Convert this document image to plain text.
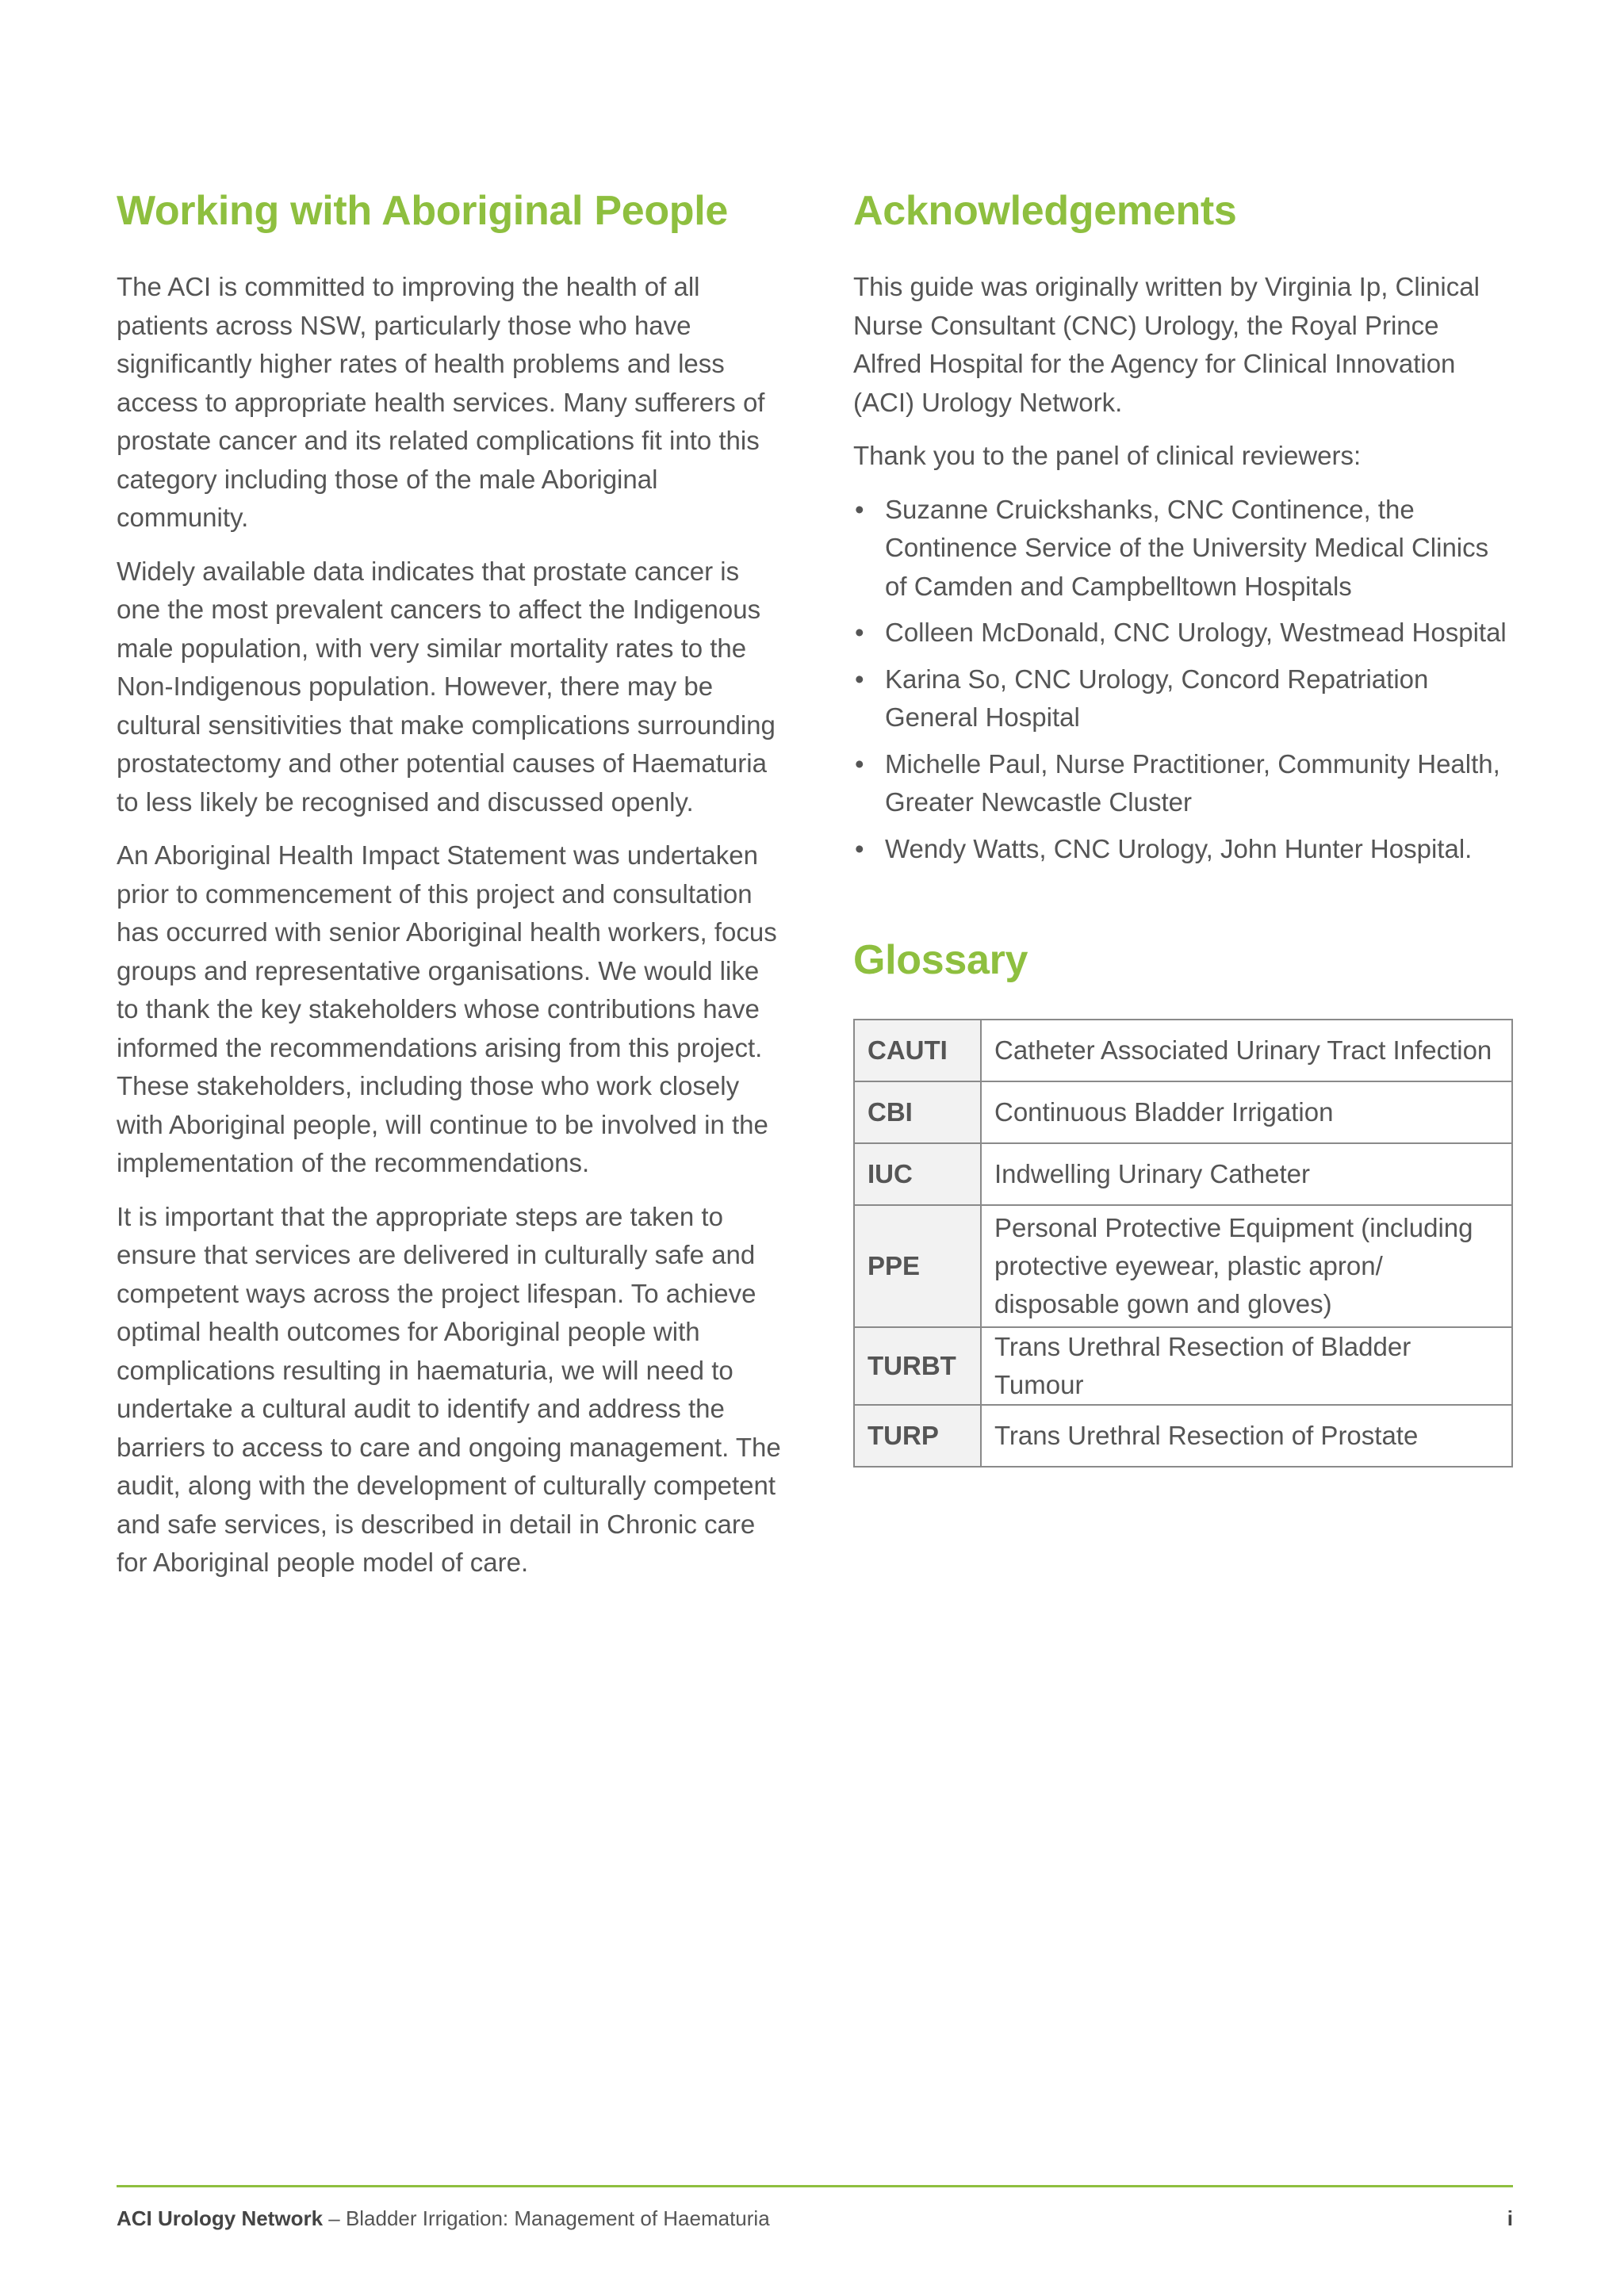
Working with Aboriginal People

The ACI is committed to improving the health of all patients across NSW, particularly those who have significantly higher rates of health problems and less access to appropriate health services. Many sufferers of prostate cancer and its related complications fit into this category including those of the male Aboriginal community.

Widely available data indicates that prostate cancer is one the most prevalent cancers to affect the Indigenous male population, with very similar mortality rates to the Non-Indigenous population. However, there may be cultural sensitivities that make complications surrounding prostatectomy and other potential causes of Haematuria to less likely be recognised and discussed openly.

An Aboriginal Health Impact Statement was undertaken prior to commencement of this project and consultation has occurred with senior Aboriginal health workers, focus groups and representative organisations. We would like to thank the key stakeholders whose contributions have informed the recommendations arising from this project. These stakeholders, including those who work closely with Aboriginal people, will continue to be involved in the implementation of the recommendations.

It is important that the appropriate steps are taken to ensure that services are delivered in culturally safe and competent ways across the project lifespan. To achieve optimal health outcomes for Aboriginal people with complications resulting in haematuria, we will need to undertake a cultural audit to identify and address the barriers to access to care and ongoing management. The audit, along with the development of culturally competent and safe services, is described in detail in Chronic care for Aboriginal people model of care.

Acknowledgements

This guide was originally written by Virginia Ip, Clinical Nurse Consultant (CNC) Urology, the Royal Prince Alfred Hospital for the Agency for Clinical Innovation (ACI) Urology Network.

Thank you to the panel of clinical reviewers:

• Suzanne Cruickshanks, CNC Continence, the Continence Service of the University Medical Clinics of Camden and Campbelltown Hospitals
• Colleen McDonald, CNC Urology, Westmead Hospital
• Karina So, CNC Urology, Concord Repatriation General Hospital
• Michelle Paul, Nurse Practitioner, Community Health, Greater Newcastle Cluster
• Wendy Watts, CNC Urology, John Hunter Hospital.
Glossary
CAUTI	Catheter Associated Urinary Tract Infection
CBI	Continuous Bladder Irrigation
IUC	Indwelling Urinary Catheter
PPE	Personal Protective Equipment (including protective eyewear, plastic apron/ disposable gown and gloves)
TURBT	Trans Urethral Resection of Bladder Tumour
TURP	Trans Urethral Resection of Prostate
ACI Urology Network – Bladder Irrigation: Management of Haematuria	i
